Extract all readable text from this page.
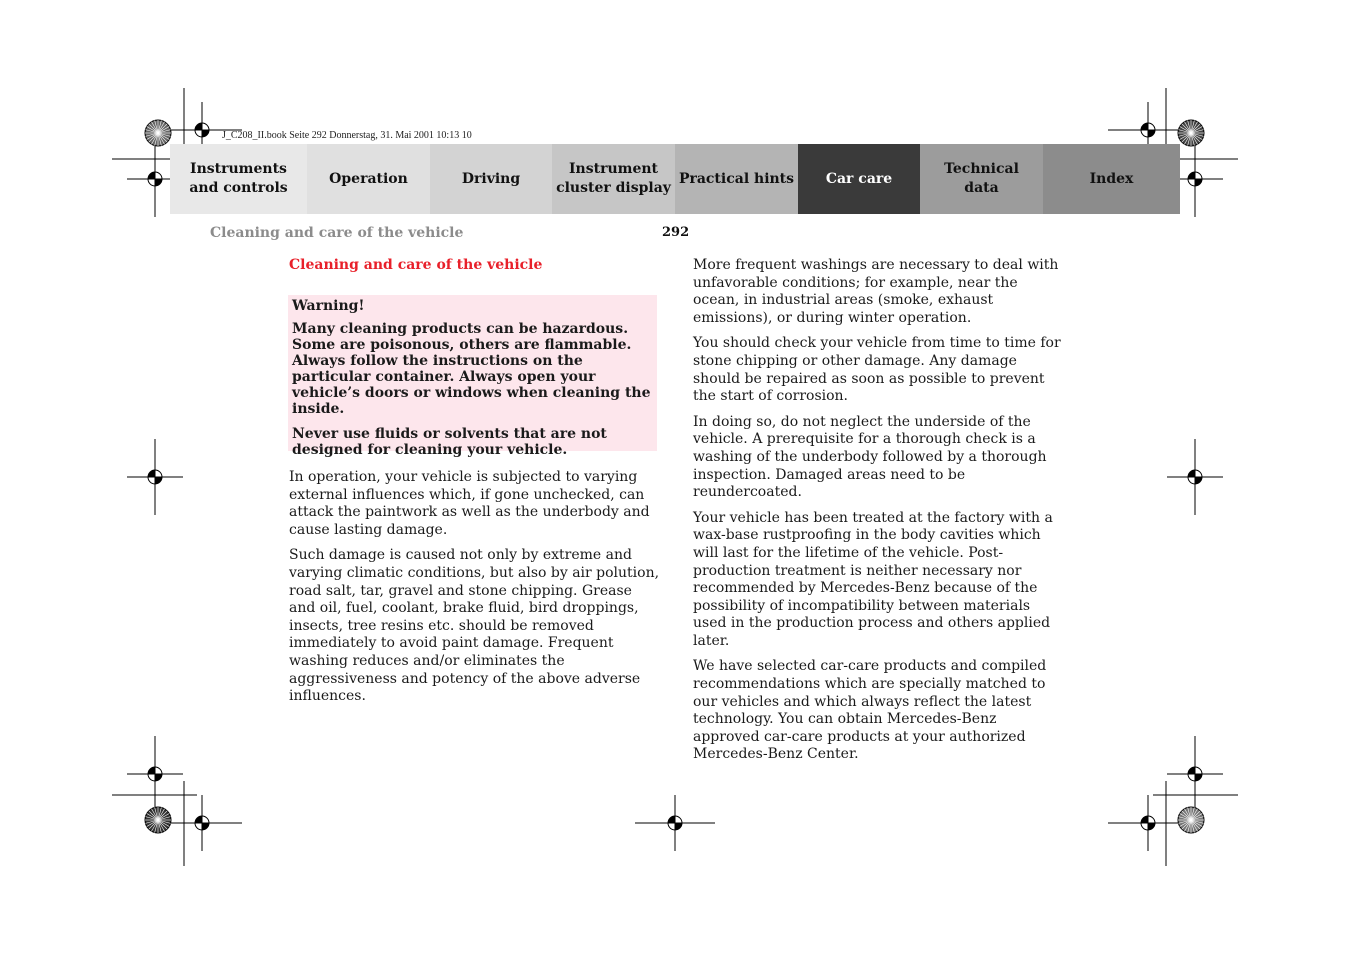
J_C208_II.book Seite 292 Donnerstag, 31. Mai 2001 10:13 10
Instruments
and controls
Operation	Driving
Instrument
cluster display
Practical hints	Car care
Technical
data
Index
Cleaning and care of the vehicle	292
Cleaning and care of the vehicle
Warning!
Many cleaning products can be hazardous. Some are poisonous, others are flammable. Always follow the instructions on the particular container. Always open your vehicle’s doors or windows when cleaning the inside.
Never use fluids or solvents that are not designed for cleaning your vehicle.

In operation, your vehicle is subjected to varying external influences which, if gone unchecked, can attack the paintwork as well as the underbody and cause lasting damage.

Such damage is caused not only by extreme and varying climatic conditions, but also by air polution, road salt, tar, gravel and stone chipping. Grease and oil, fuel, coolant, brake fluid, bird droppings, insects, tree resins etc. should be removed immediately to avoid paint damage. Frequent washing reduces and/or eliminates the aggressiveness and potency of the above adverse influences.

More frequent washings are necessary to deal with unfavorable conditions; for example, near the ocean, in industrial areas (smoke, exhaust emissions), or during winter operation.

You should check your vehicle from time to time for stone chipping or other damage. Any damage should be repaired as soon as possible to prevent the start of corrosion.

In doing so, do not neglect the underside of the vehicle. A prerequisite for a thorough check is a washing of the underbody followed by a thorough inspection. Damaged areas need to be reundercoated.

Your vehicle has been treated at the factory with a wax-base rustproofing in the body cavities which will last for the lifetime of the vehicle. Post-production treatment is neither necessary nor recommended by Mercedes-Benz because of the possibility of incompatibility between materials used in the production process and others applied later.

We have selected car-care products and compiled recommendations which are specially matched to our vehicles and which always reflect the latest technology. You can obtain Mercedes-Benz approved car-care products at your authorized Mercedes-Benz Center.
